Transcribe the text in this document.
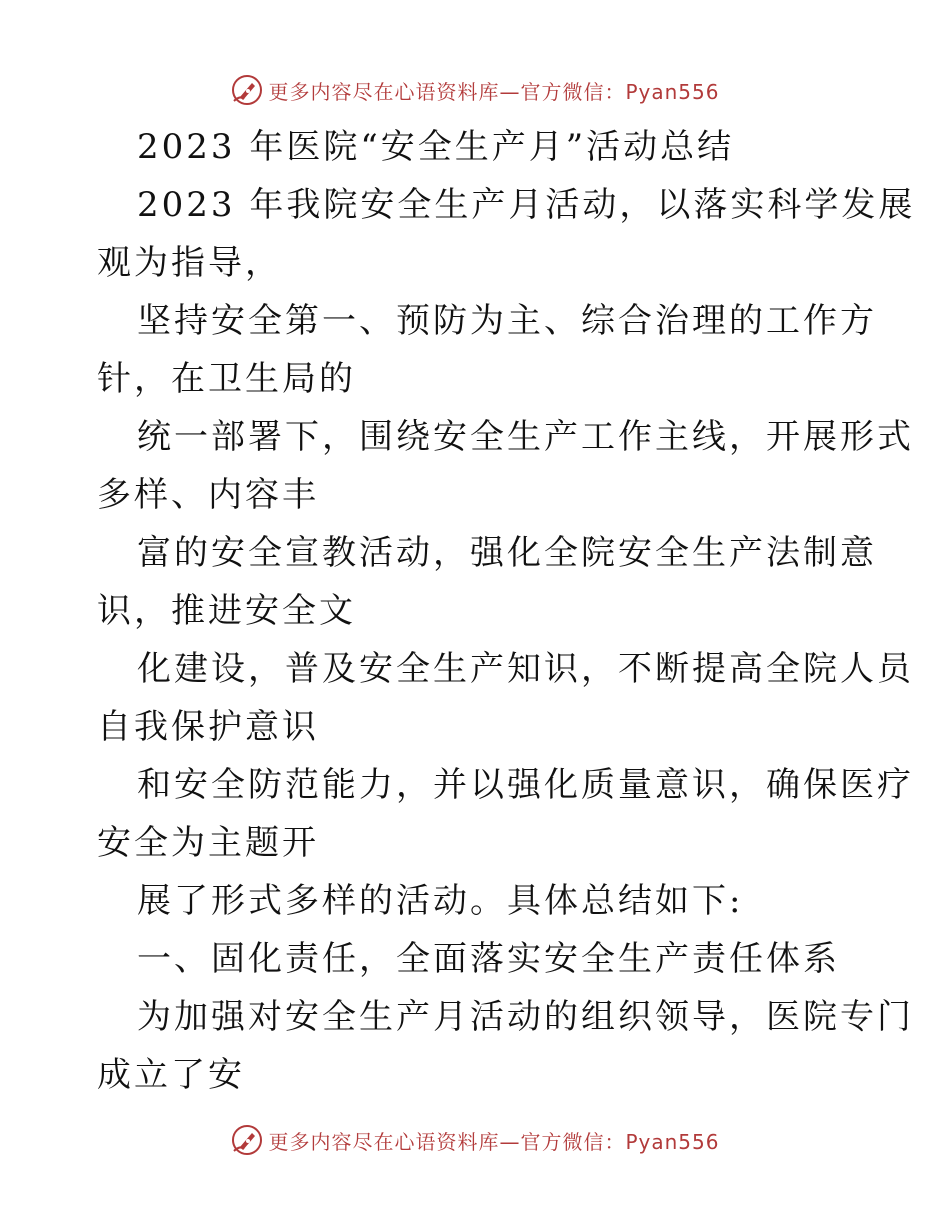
更多内容尽在心语资料库—官方微信：Pyan556
2023 年医院“安全生产月”活动总结
2023 年我院安全生产月活动，以落实科学发展
观为指导，
坚持安全第一、预防为主、综合治理的工作方
针，在卫生局的
统一部署下，围绕安全生产工作主线，开展形式
多样、内容丰
富的安全宣教活动，强化全院安全生产法制意
识，推进安全文
化建设，普及安全生产知识，不断提高全院人员
自我保护意识
和安全防范能力，并以强化质量意识，确保医疗
安全为主题开
展了形式多样的活动。具体总结如下:
一、固化责任，全面落实安全生产责任体系
为加强对安全生产月活动的组织领导，医院专门
成立了安
更多内容尽在心语资料库—官方微信：Pyan556
